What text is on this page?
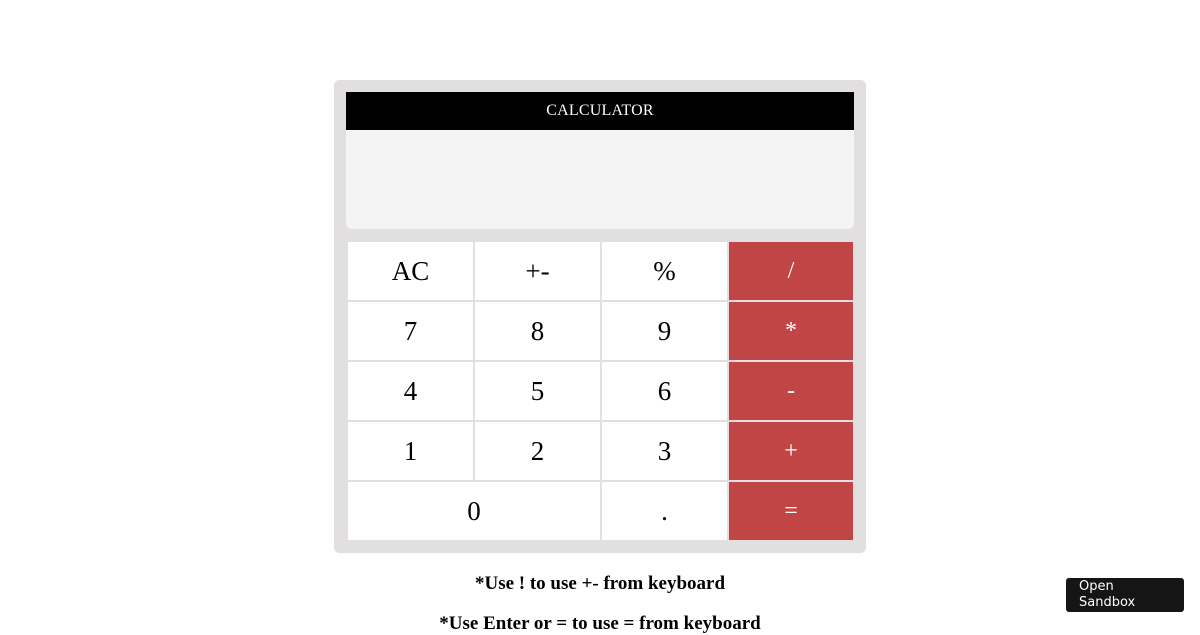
CALCULATOR
AC	+-	%	/
7	8	9	*
4	5	6	-
1	2	3	+
0	.	=
*Use ! to use +- from keyboard
*Use Enter or = to use = from keyboard
Open Sandbox
